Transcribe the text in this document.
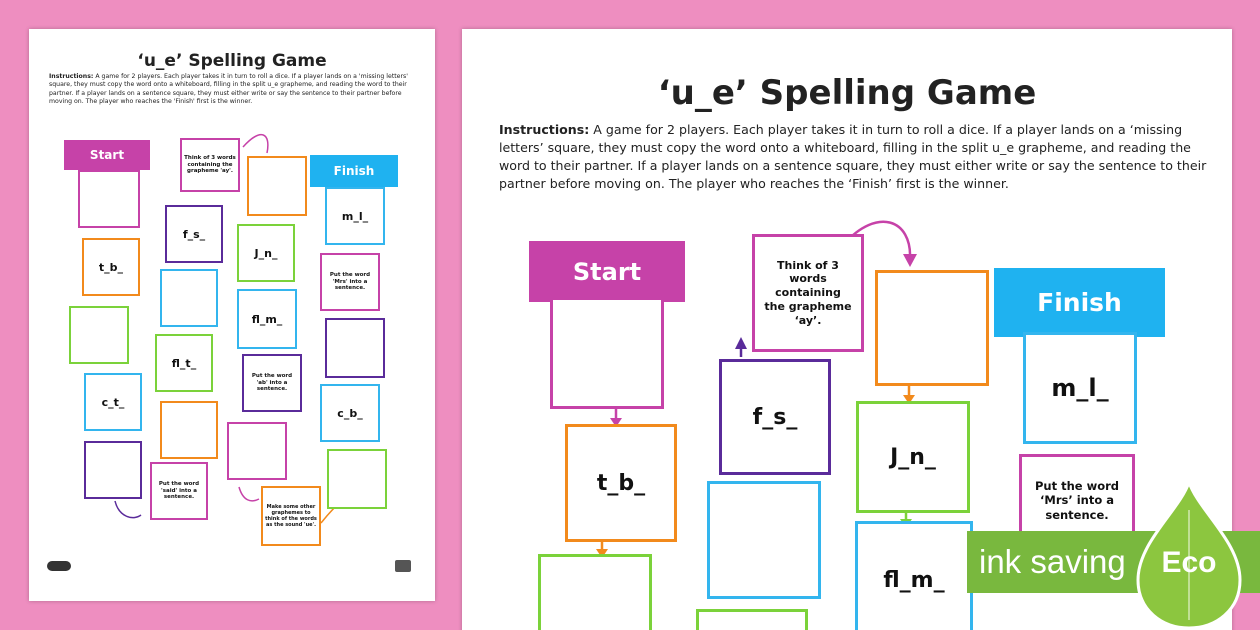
‘u_e’ Spelling Game
Instructions: A game for 2 players. Each player takes it in turn to roll a dice. If a player lands on a 'missing letters' square, they must copy the word onto a whiteboard, filling in the split u_e grapheme, and reading the word to their partner. If a player lands on a sentence square, they must either write or say the sentence to their partner before moving on. The player who reaches the 'Finish' first is the winner.
Start
t_b_
c_t_
Think of 3 words containing the grapheme 'ay'.
f_s_
fl_t_
Put the word 'said' into a sentence.
J_n_
fl_m_
Put the word 'ab' into a sentence.
Make some other graphemes to think of the words as the sound 'ue'.
Finish
m_l_
Put the word 'Mrs' into a sentence.
c_b_
‘u_e’ Spelling Game
Instructions: A game for 2 players. Each player takes it in turn to roll a dice. If a player lands on a ‘missing letters’ square, they must copy the word onto a whiteboard, filling in the split u_e grapheme, and reading the word to their partner. If a player lands on a sentence square, they must either write or say the sentence to their partner before moving on. The player who reaches the ‘Finish’ first is the winner.
Start
t_b_
Think of 3 words containing the grapheme ‘ay’.
f_s_
J_n_
fl_m_
Finish
m_l_
Put the word ‘Mrs’ into a sentence.
ink saving Eco
